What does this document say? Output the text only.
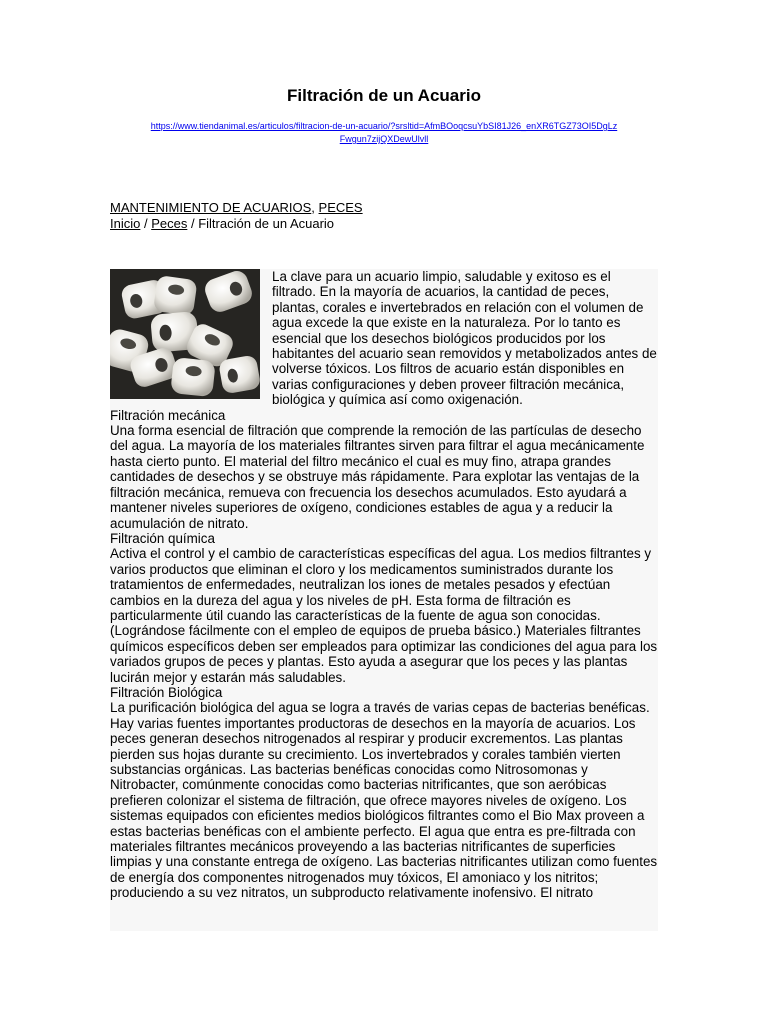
Filtración de un Acuario
https://www.tiendanimal.es/articulos/filtracion-de-un-acuario/?srsltid=AfmBOoqcsuYbSI81J26_enXR6TGZ73OI5DgLzFwgun7zijQXDewUlvll
MANTENIMIENTO DE ACUARIOS, PECES
Inicio / Peces / Filtración de un Acuario

La clave para un acuario limpio, saludable y exitoso es el filtrado. En la mayoría de acuarios, la cantidad de peces, plantas, corales e invertebrados en relación con el volumen de agua excede la que existe en la naturaleza. Por lo tanto es esencial que los desechos biológicos producidos por los habitantes del acuario sean removidos y metabolizados antes de volverse tóxicos. Los filtros de acuario están disponibles en varias configuraciones y deben proveer filtración mecánica, biológica y química así como oxigenación.

Filtración mecánica

Una forma esencial de filtración que comprende la remoción de las partículas de desecho del agua. La mayoría de los materiales filtrantes sirven para filtrar el agua mecánicamente hasta cierto punto. El material del filtro mecánico el cual es muy fino, atrapa grandes cantidades de desechos y se obstruye más rápidamente. Para explotar las ventajas de la filtración mecánica, remueva con frecuencia los desechos acumulados. Esto ayudará a mantener niveles superiores de oxígeno, condiciones estables de agua y a reducir la acumulación de nitrato.

Filtración química

Activa el control y el cambio de características específicas del agua. Los medios filtrantes y varios productos que eliminan el cloro y los medicamentos suministrados durante los tratamientos de enfermedades, neutralizan los iones de metales pesados y efectúan cambios en la dureza del agua y los niveles de pH. Esta forma de filtración es particularmente útil cuando las características de la fuente de agua son conocidas. (Lográndose fácilmente con el empleo de equipos de prueba básico.) Materiales filtrantes químicos específicos deben ser empleados para optimizar las condiciones del agua para los variados grupos de peces y plantas. Esto ayuda a asegurar que los peces y las plantas lucirán mejor y estarán más saludables.

Filtración Biológica

La purificación biológica del agua se logra a través de varias cepas de bacterias benéficas. Hay varias fuentes importantes productoras de desechos en la mayoría de acuarios. Los peces generan desechos nitrogenados al respirar y producir excrementos. Las plantas pierden sus hojas durante su crecimiento. Los invertebrados y corales también vierten substancias orgánicas. Las bacterias benéficas conocidas como Nitrosomonas y Nitrobacter, comúnmente conocidas como bacterias nitrificantes, que son aeróbicas prefieren colonizar el sistema de filtración, que ofrece mayores niveles de oxígeno. Los sistemas equipados con eficientes medios biológicos filtrantes como el Bio Max proveen a estas bacterias benéficas con el ambiente perfecto. El agua que entra es pre-filtrada con materiales filtrantes mecánicos proveyendo a las bacterias nitrificantes de superficies limpias y una constante entrega de oxígeno. Las bacterias nitrificantes utilizan como fuentes de energía dos componentes nitrogenados muy tóxicos, El amoniaco y los nitritos; produciendo a su vez nitratos, un subproducto relativamente inofensivo. El nitrato
